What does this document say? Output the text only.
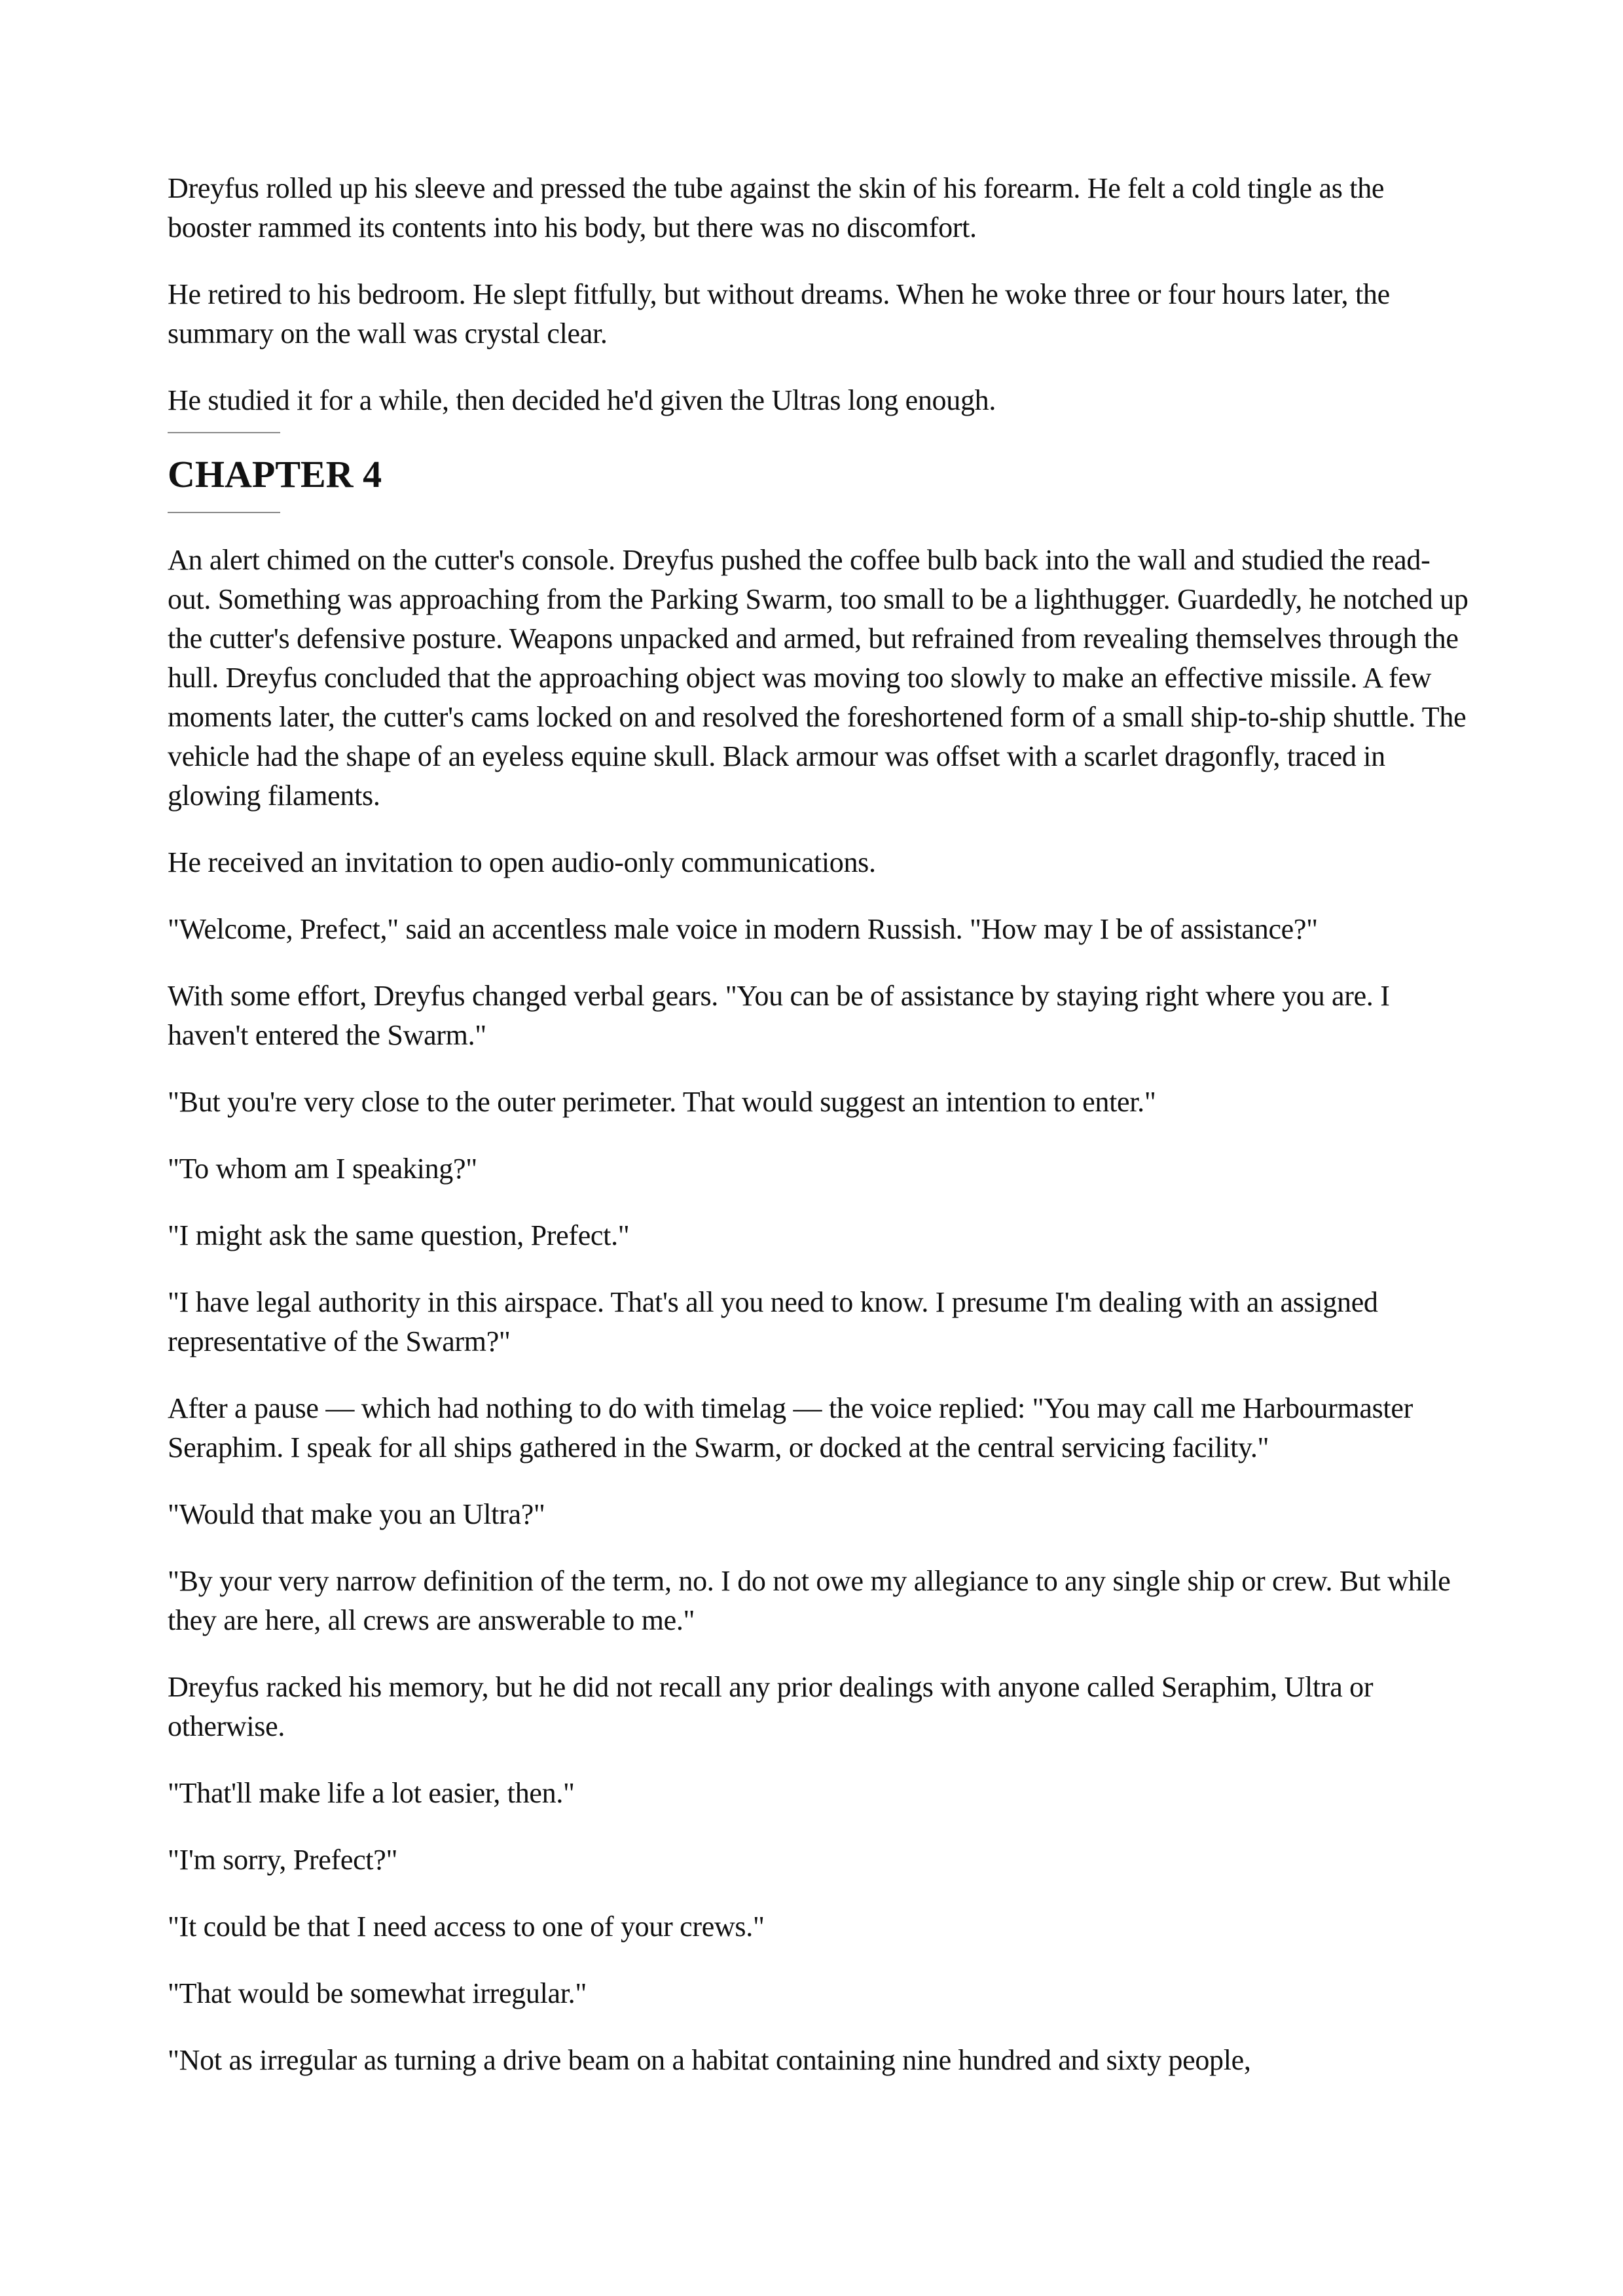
Dreyfus rolled up his sleeve and pressed the tube against the skin of his forearm. He felt a cold tingle as the booster rammed its contents into his body, but there was no discomfort.

He retired to his bedroom. He slept fitfully, but without dreams. When he woke three or four hours later, the summary on the wall was crystal clear.

He studied it for a while, then decided he'd given the Ultras long enough.

CHAPTER 4

An alert chimed on the cutter's console. Dreyfus pushed the coffee bulb back into the wall and studied the read-out. Something was approaching from the Parking Swarm, too small to be a lighthugger. Guardedly, he notched up the cutter's defensive posture. Weapons unpacked and armed, but refrained from revealing themselves through the hull. Dreyfus concluded that the approaching object was moving too slowly to make an effective missile. A few moments later, the cutter's cams locked on and resolved the foreshortened form of a small ship-to-ship shuttle. The vehicle had the shape of an eyeless equine skull. Black armour was offset with a scarlet dragonfly, traced in glowing filaments.

He received an invitation to open audio-only communications.

"Welcome, Prefect," said an accentless male voice in modern Russish. "How may I be of assistance?"

With some effort, Dreyfus changed verbal gears. "You can be of assistance by staying right where you are. I haven't entered the Swarm."

"But you're very close to the outer perimeter. That would suggest an intention to enter."

"To whom am I speaking?"

"I might ask the same question, Prefect."

"I have legal authority in this airspace. That's all you need to know. I presume I'm dealing with an assigned representative of the Swarm?"

After a pause — which had nothing to do with timelag — the voice replied: "You may call me Harbourmaster Seraphim. I speak for all ships gathered in the Swarm, or docked at the central servicing facility."

"Would that make you an Ultra?"

"By your very narrow definition of the term, no. I do not owe my allegiance to any single ship or crew. But while they are here, all crews are answerable to me."

Dreyfus racked his memory, but he did not recall any prior dealings with anyone called Seraphim, Ultra or otherwise.

"That'll make life a lot easier, then."

"I'm sorry, Prefect?"

"It could be that I need access to one of your crews."

"That would be somewhat irregular."

"Not as irregular as turning a drive beam on a habitat containing nine hundred and sixty people,
